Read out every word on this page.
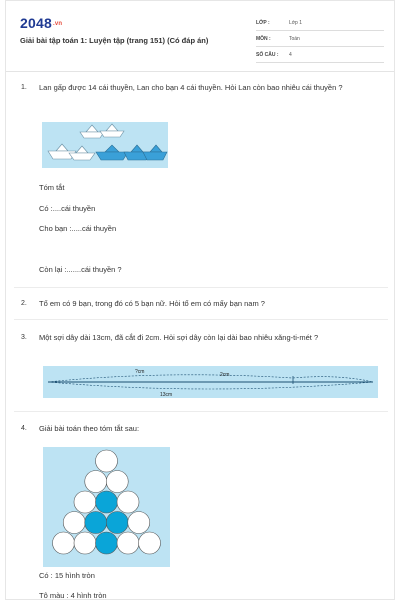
2048.vn
Giải bài tập toán 1: Luyện tập (trang 151) (Có đáp án)
LỚP :	Lớp 1
MÔN :	Toán
SỐ CÂU : 4
1. Lan gấp được 14 cái thuyền, Lan cho bạn 4 cái thuyền. Hỏi Lan còn bao nhiêu cái thuyền ?
Tóm tắt
Có :....cái thuyền
Cho bạn :.....cái thuyền
Còn lại :.......cái thuyền ?
2. Tổ em có 9 bạn, trong đó có 5 bạn nữ. Hỏi tổ em có mấy bạn nam ?
3. Một sợi dây dài 13cm, đã cắt đi 2cm. Hỏi sợi dây còn lại dài bao nhiêu xăng-ti-mét ?
?cm	2cm
13cm
4. Giải bài toán theo tóm tắt sau:
Có : 15 hình tròn
Tô màu : 4 hình tròn
